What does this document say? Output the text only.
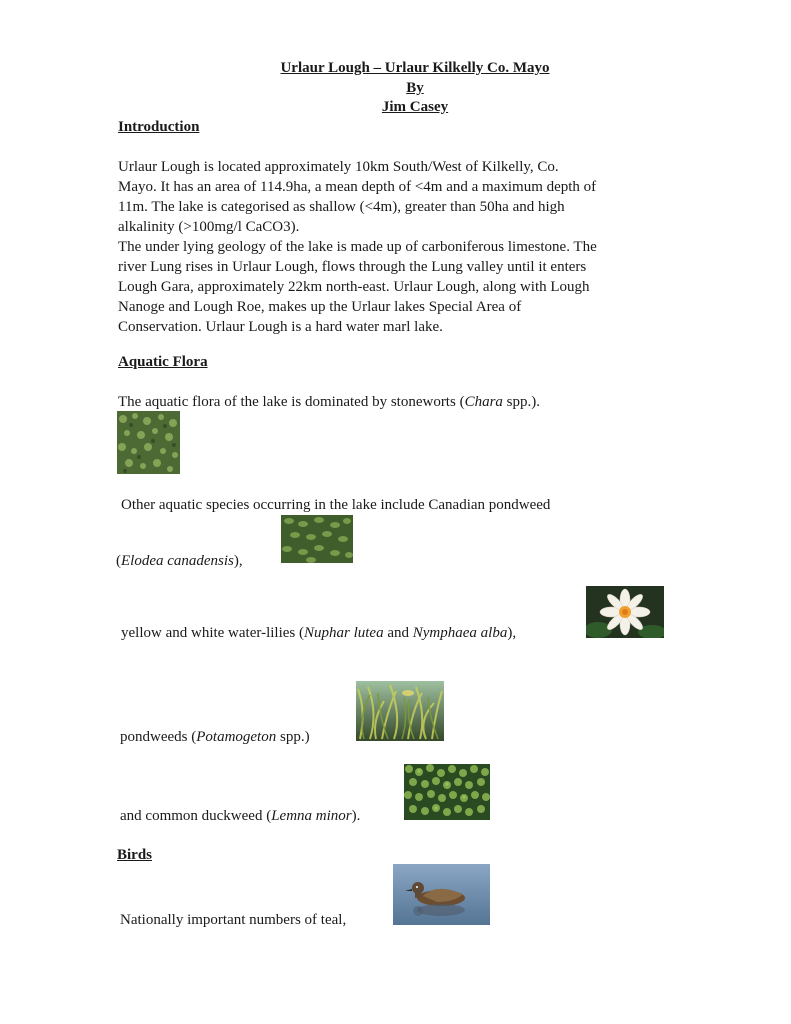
Urlaur Lough – Urlaur Kilkelly Co. Mayo
By
Jim Casey
Introduction
Urlaur Lough is located approximately 10km South/West of Kilkelly, Co.
Mayo. It has an area of 114.9ha, a mean depth of <4m and a maximum depth of
11m. The lake is categorised as shallow (<4m), greater than 50ha and high
alkalinity (>100mg/l CaCO3).
The under lying geology of the lake is made up of carboniferous limestone. The
river Lung rises in Urlaur Lough, flows through the Lung valley until it enters
Lough Gara, approximately 22km north-east. Urlaur Lough, along with Lough
Nanoge and Lough Roe, makes up the Urlaur lakes Special Area of
Conservation. Urlaur Lough is a hard water marl lake.
Aquatic Flora
The aquatic flora of the lake is dominated by stoneworts (Chara spp.).
Other aquatic species occurring in the lake include Canadian pondweed
(Elodea canadensis),
yellow and white water-lilies (Nuphar lutea and Nymphaea alba),
pondweeds (Potamogeton spp.)
and common duckweed (Lemna minor).
Birds
Nationally important numbers of teal,
